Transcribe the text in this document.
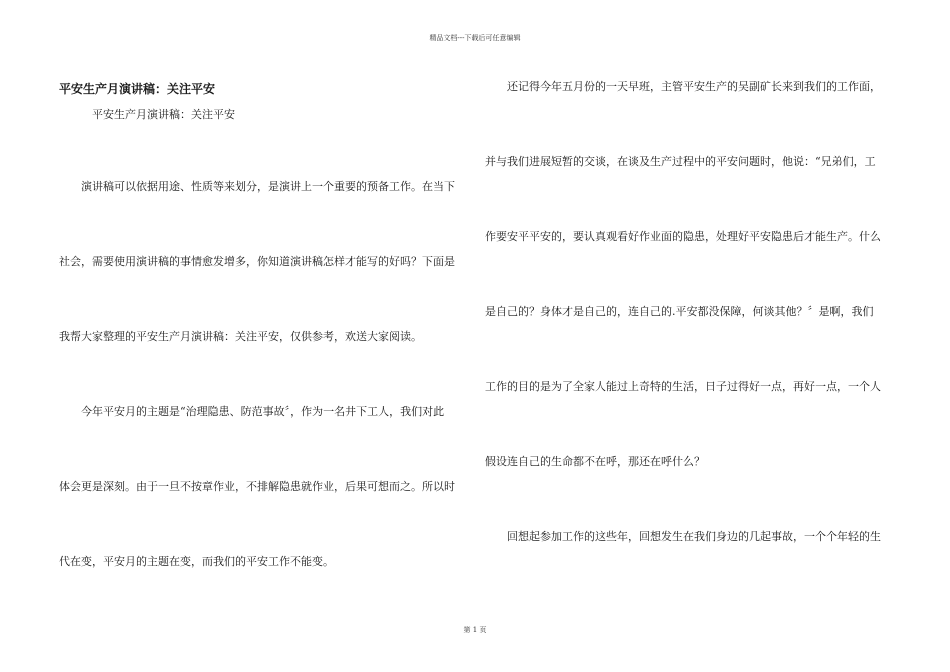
精品文档---下载后可任意编辑
平安生产月演讲稿：关注平安
平安生产月演讲稿：关注平安
演讲稿可以依据用途、性质等来划分，是演讲上一个重要的预备工作。在当下
社会，需要使用演讲稿的事情愈发增多，你知道演讲稿怎样才能写的好吗？下面是
我帮大家整理的平安生产月演讲稿：关注平安，仅供参考，欢送大家阅读。
今年平安月的主题是“治理隐患、防范事故〞，作为一名井下工人，我们对此
体会更是深刻。由于一旦不按章作业，不排解隐患就作业，后果可想而之。所以时
代在变，平安月的主题在变，而我们的平安工作不能变。
还记得今年五月份的一天早班，主管平安生产的吴副矿长来到我们的工作面，
并与我们进展短暂的交谈，在谈及生产过程中的平安问题时，他说：“兄弟们，工
作要安平平安的，要认真观看好作业面的隐患，处理好平安隐患后才能生产。什么
是自己的？身体才是自己的，连自己的.平安都没保障，何谈其他？〞是啊，我们
工作的目的是为了全家人能过上奇特的生活，日子过得好一点，再好一点，一个人
假设连自己的生命都不在呼，那还在呼什么？
回想起参加工作的这些年，回想发生在我们身边的几起事故，一个个年轻的生
第 1 页
